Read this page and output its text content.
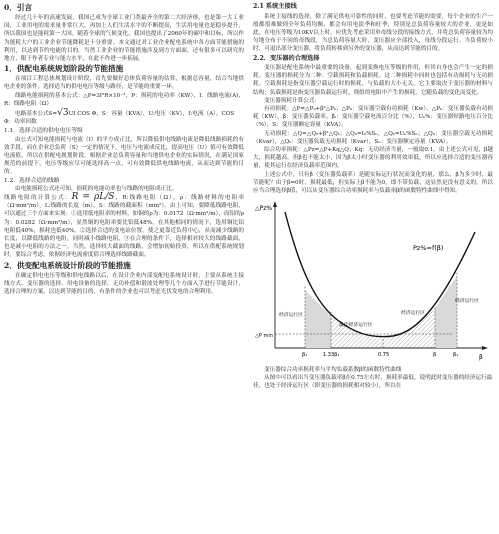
0．引言

经过几十年的高速发展，我国已成为全球工业门类最齐全的第二大经济体，也是第一大工业国，工业用电的需求量非常巨大，再加上人们生活水平的不断提高，生活用电量也是稳步提升，所以我国也是能耗第一大国。随着全球的气候变化，我国也提出了2060年的碳中和目标，所以作为能耗大户的工业企业节能降耗是十分重要。本文通过对工业企业配电系统中各方面节能措施的利用，以达到节约电能的目的。当然工业企业的节能措施涉及到方方面面，还有很多可以研究的地方，限于作者专业与能力水平，在此不作进一步拓展。

1．供配电系统规划阶段的节能措施

在项目工程总体规划设计阶段，首先要做好总体负荷容量的估算，根据总容量，结合当地供电企业的条件，选择适当的供电电压等级与路径，是节能的重要一环。

线路电能损耗的基本公式：△P=3I²R×10⁻³，P：损耗的电功率（KW），I：线路电流(A)，R：线路电阻（Ω）

电路基本公式S=√3UI COS Φ，S：容量（KVA），U:电压（KV），I:电流（A），COS Φ：功率因数

1.1．选择合适的供电电压等级

由公式可知电能损耗与电流（I）的平方成正比，所以降低供电线路电流是降低线路损耗的有效手段，而在企业总负荷（S）一定的情况下，电压与电流成反比，提高电压（U）值可有效降低电流值，所以在供配电规划阶段，根据企业总负荷容量和当地供电企业的实际情况，在满足国家规范的前提下，电压等级应尽可能选择高一点，可有效降低供电线路电流，从而达到节能的目的。

1.2．选择合适的线路

由电能损耗公式还可知，损耗的电能功率也与线路的电阻成正比。

线路电阻的计算公式：R = ρL/S，R:线路电阻（Ω），ρ：线路材料的电阻率（Ω·mm²/m），L:线路的长度（m），S：线路的截面积（mm²）。由上可知，要降低线路电阻，可以通过三个方面来实现：①选用低电阻率的材料，如铜的ρ为：0.0172（Ω·mm²/m），而铝的ρ为：0.0282（Ω·mm²/m），显然铜的电阻率要比铝低48%，在其他相同的情况下，选用铜比铝电阻低40%，损耗也低40%。②选择合适的变电站位置，使之更靠近负荷中心，从而减少线路的长度，以降低线路的电阻，同时减小线路电阻，③在合理的条件下，选择相对较大的线路截面，也是减小电阻的方法之一。当然，选择较大截面的线路，会增加初始投资，所以在供配系统规划时，要综合考虑，依据经济电流密度值合理选择线路截面。

2．供变配电系统设计阶段的节能措施

在确定供电电压等级和供电线路以后，在设计企业内部变配电系统设计时，主要从系统主接线方式、变压器的选择、用电设备的选择、无功补偿和谐波处理等几个方面入手进行节能设计，选择合理的方案，以达到节能的目的，有条件的企业也可以考虑光伏发电的合理利用。

2.1 系统主接线

系统主接线的选择，除了满足供电可靠性的同时，也要考虑节能的需要，每个企业的生产一般都很难做到全年负荷均衡，都会有用电淡季和旺季，特别是总负荷容量较大的企业，更是如此。在电压等级为10KV以上时，应优先考虑采用单母线分段的接线方式，并将总负荷容量较为均匀地分布于不同的母线段，当总负荷容量大时，变压器应全部投入，母线分段运行。当负荷较小时，可退出部分变压器，将负荷转移到另外的变压器，从而达到节能的目的。

2.2．变压器的合理选择

变压器是配电系统中最重要的设备，起到变换电压等级的作用，但其自身也会产生一定的损耗。变压器的损耗分为二种：空载损耗和负载损耗。这二种损耗中同时也包括有功损耗与无功损耗。空载损耗是指变压器空载运行时的损耗，与负载的大小无关，它主要取决于变压器的材料与结构；负载损耗是指变压器负载运行时，绕组的电阻中产生的损耗，它随负载的变化而变化。

变压器损耗计算公式：

有功损耗：△P=△P₀+β²△Pₖ；△P₀：变压器空载有功损耗（Kw），△Pₖ：变压器负载有功损耗（KW），β：变压器负载率，βᵢ：变压器空载电流百分比（%），Uₖ%：变压器短路电压百分比（%），S：变压器额定容量（KVA）。

无功损耗：△Q=△Q₀+β²△Qₖ；△Q₀=I₀%Sₙ，△Qₖ=Uₖ%Sₙ；△Q₀：变压器空载无功损耗（Kvar），△Qₖ：变压器负载无功损耗（Kvar），Sₙ：变压器额定容量（KVA）。

综合功率损耗：△Pz=△P+Kq△Q；Kq：无功经济当量，一般取0.1。由上述公式可见，β越大，损耗越高，但β也不能太小，因为β太小时变压器的利用效率低，所以应选择合适的变压器容量，使其运行在经济负载率范围内。

上述公式中，只有β（变压器负载率）是随实际运行状况而变化的量，那么，β为多少时，最节能呢？由于β=0时，损耗最低，但实际上β不能为0，即不带负载，这显然是没有意义的。所以应当合理选择β值，可以从变压器综合功率损耗率与负载率β的函数特性曲线中得知。

△Pz%
Pz%=f(β)
△P min
经济运行区
经济运行区
最佳经济运行区
经济运行区
β₁	1.33β₁	0.75	β	β₁	β

变压器综合功率损耗率与平均负载系数β的函数特性曲线

从图中可以看出当变压器负载率β在0.75左右时，损耗率最低，说明此时变压器的经济运行最佳，也处于经济运行区（即变压器的损耗相对较小），所以在
